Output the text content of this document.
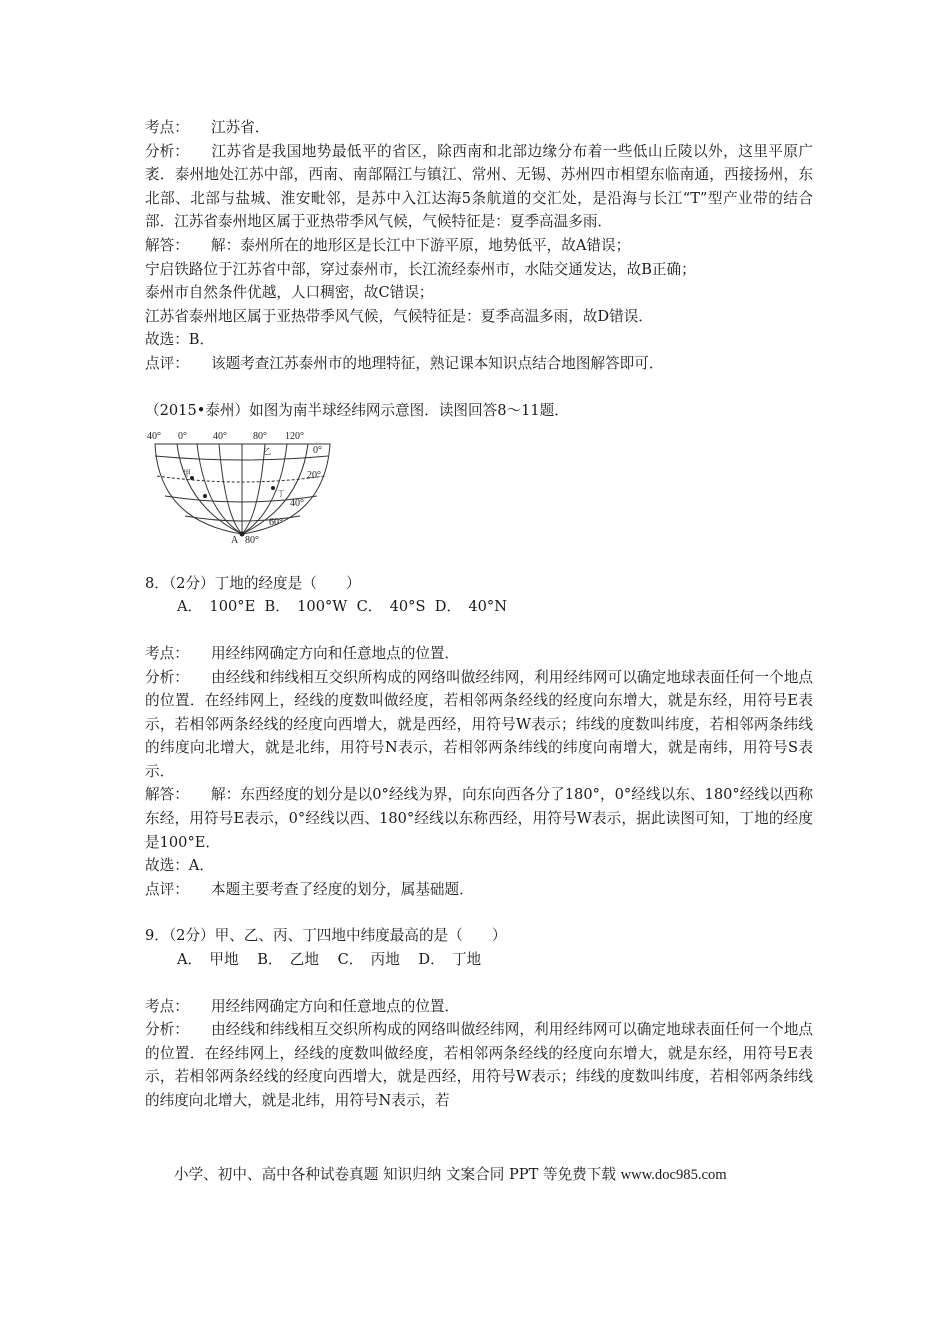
考点： 江苏省．

分析： 江苏省是我国地势最低平的省区，除西南和北部边缘分布着一些低山丘陵以外，这里平原广袤．泰州地处江苏中部，西南、南部隔江与镇江、常州、无锡、苏州四市相望东临南通，西接扬州，东北部、北部与盐城、淮安毗邻，是苏中入江达海5条航道的交汇处，是沿海与长江“T”型产业带的结合部．江苏省泰州地区属于亚热带季风气候，气候特征是：夏季高温多雨．

解答： 解：泰州所在的地形区是长江中下游平原，地势低平，故A错误；

宁启铁路位于江苏省中部，穿过泰州市，长江流经泰州市，水陆交通发达，故B正确；

泰州市自然条件优越，人口稠密，故C错误；

江苏省泰州地区属于亚热带季风气候，气候特征是：夏季高温多雨，故D错误．

故选：B．

点评： 该题考查江苏泰州市的地理特征，熟记课本知识点结合地图解答即可．

（2015•泰州）如图为南半球经纬网示意图．读图回答8～11题．

40° 0°	40°	80° 120°
0°
20°
40°
60°
A 80°
乙
甲
丁

8．（2分）丁地的经度是（　　）

A．　100°E B．　100°W C．　40°S D．　40°N

考点： 用经纬网确定方向和任意地点的位置．

分析： 由经线和纬线相互交织所构成的网络叫做经纬网，利用经纬网可以确定地球表面任何一个地点的位置．在经纬网上，经线的度数叫做经度，若相邻两条经线的经度向东增大，就是东经，用符号E表示，若相邻两条经线的经度向西增大，就是西经，用符号W表示；纬线的度数叫纬度，若相邻两条纬线的纬度向北增大，就是北纬，用符号N表示，若相邻两条纬线的纬度向南增大，就是南纬，用符号S表示．

解答： 解：东西经度的划分是以0°经线为界，向东向西各分了180°，0°经线以东、180°经线以西称东经，用符号E表示，0°经线以西、180°经线以东称西经，用符号W表示，据此读图可知，丁地的经度是100°E．

故选：A．

点评： 本题主要考查了经度的划分，属基础题．

9．（2分）甲、乙、丙、丁四地中纬度最高的是（　　）

A．　甲地 B．　乙地 C．　丙地 D．　丁地

考点： 用经纬网确定方向和任意地点的位置．

分析： 由经线和纬线相互交织所构成的网络叫做经纬网，利用经纬网可以确定地球表面任何一个地点的位置．在经纬网上，经线的度数叫做经度，若相邻两条经线的经度向东增大，就是东经，用符号E表示，若相邻两条经线的经度向西增大，就是西经，用符号W表示；纬线的度数叫纬度，若相邻两条纬线的纬度向北增大，就是北纬，用符号N表示，若

小学、初中、高中各种试卷真题 知识归纳 文案合同 PPT 等免费下载 www.doc985.com
